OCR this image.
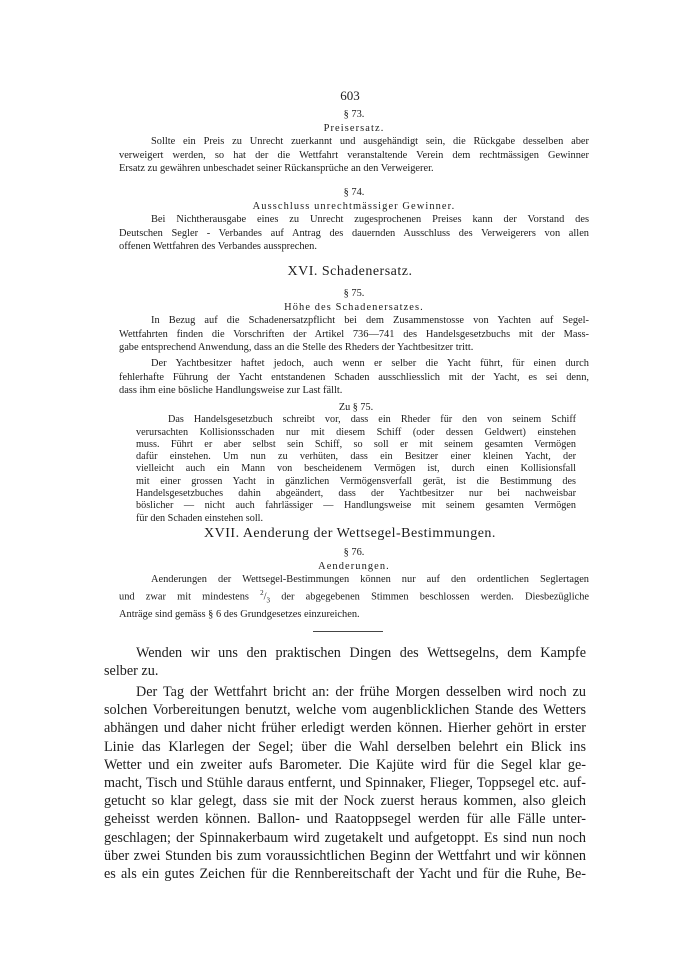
603
§ 73.
Preisersatz.
Sollte ein Preis zu Unrecht zuerkannt und ausgehändigt sein, die Rückgabe desselben aber
verweigert werden, so hat der die Wettfahrt veranstaltende Verein dem rechtmässigen Gewinner
Ersatz zu gewähren unbeschadet seiner Rückansprüche an den Verweigerer.
§ 74.
Ausschluss unrechtmässiger Gewinner.
Bei Nichtherausgabe eines zu Unrecht zugesprochenen Preises kann der Vorstand des
Deutschen Segler - Verbandes auf Antrag des dauernden Ausschluss des Verweigerers von allen
offenen Wettfahren des Verbandes aussprechen.
XVI. Schadenersatz.
§ 75.
Höhe des Schadenersatzes.
In Bezug auf die Schadenersatzpflicht bei dem Zusammenstosse von Yachten auf Segel-
Wettfahrten finden die Vorschriften der Artikel 736—741 des Handelsgesetzbuchs mit der Mass-
gabe entsprechend Anwendung, dass an die Stelle des Rheders der Yachtbesitzer tritt.
Der Yachtbesitzer haftet jedoch, auch wenn er selber die Yacht führt, für einen durch
fehlerhafte Führung der Yacht entstandenen Schaden ausschliesslich mit der Yacht, es sei denn,
dass ihm eine bösliche Handlungsweise zur Last fällt.
Zu § 75.
Das Handelsgesetzbuch schreibt vor, dass ein Rheder für den von seinem Schiff
verursachten Kollisionsschaden nur mit diesem Schiff (oder dessen Geldwert) einstehen
muss. Führt er aber selbst sein Schiff, so soll er mit seinem gesamten Vermögen
dafür einstehen. Um nun zu verhüten, dass ein Besitzer einer kleinen Yacht, der
vielleicht auch ein Mann von bescheidenem Vermögen ist, durch einen Kollisionsfall
mit einer grossen Yacht in gänzlichen Vermögensverfall gerät, ist die Bestimmung des
Handelsgesetzbuches dahin abgeändert, dass der Yachtbesitzer nur bei nachweisbar
böslicher — nicht auch fahrlässiger — Handlungsweise mit seinem gesamten Vermögen
für den Schaden einstehen soll.
XVII. Aenderung der Wettsegel-Bestimmungen.
§ 76.
Aenderungen.
Aenderungen der Wettsegel-Bestimmungen können nur auf den ordentlichen Seglertagen
und zwar mit mindestens $^2/_3$ der abgegebenen Stimmen beschlossen werden. Diesbezügliche
Anträge sind gemäss § 6 des Grundgesetzes einzureichen.
Wenden wir uns den praktischen Dingen des Wettsegelns, dem Kampfe
selber zu.
Der Tag der Wettfahrt bricht an: der frühe Morgen desselben wird noch zu
solchen Vorbereitungen benutzt, welche vom augenblicklichen Stande des Wetters
abhängen und daher nicht früher erledigt werden können. Hierher gehört in erster
Linie das Klarlegen der Segel; über die Wahl derselben belehrt ein Blick ins
Wetter und ein zweiter aufs Barometer. Die Kajüte wird für die Segel klar ge-
macht, Tisch und Stühle daraus entfernt, und Spinnaker, Flieger, Toppsegel etc. auf-
getucht so klar gelegt, dass sie mit der Nock zuerst heraus kommen, also gleich
geheisst werden können. Ballon- und Raatoppsegel werden für alle Fälle unter-
geschlagen; der Spinnakerbaum wird zugetakelt und aufgetoppt. Es sind nun noch
über zwei Stunden bis zum voraussichtlichen Beginn der Wettfahrt und wir können
es als ein gutes Zeichen für die Rennbereitschaft der Yacht und für die Ruhe, Be-
